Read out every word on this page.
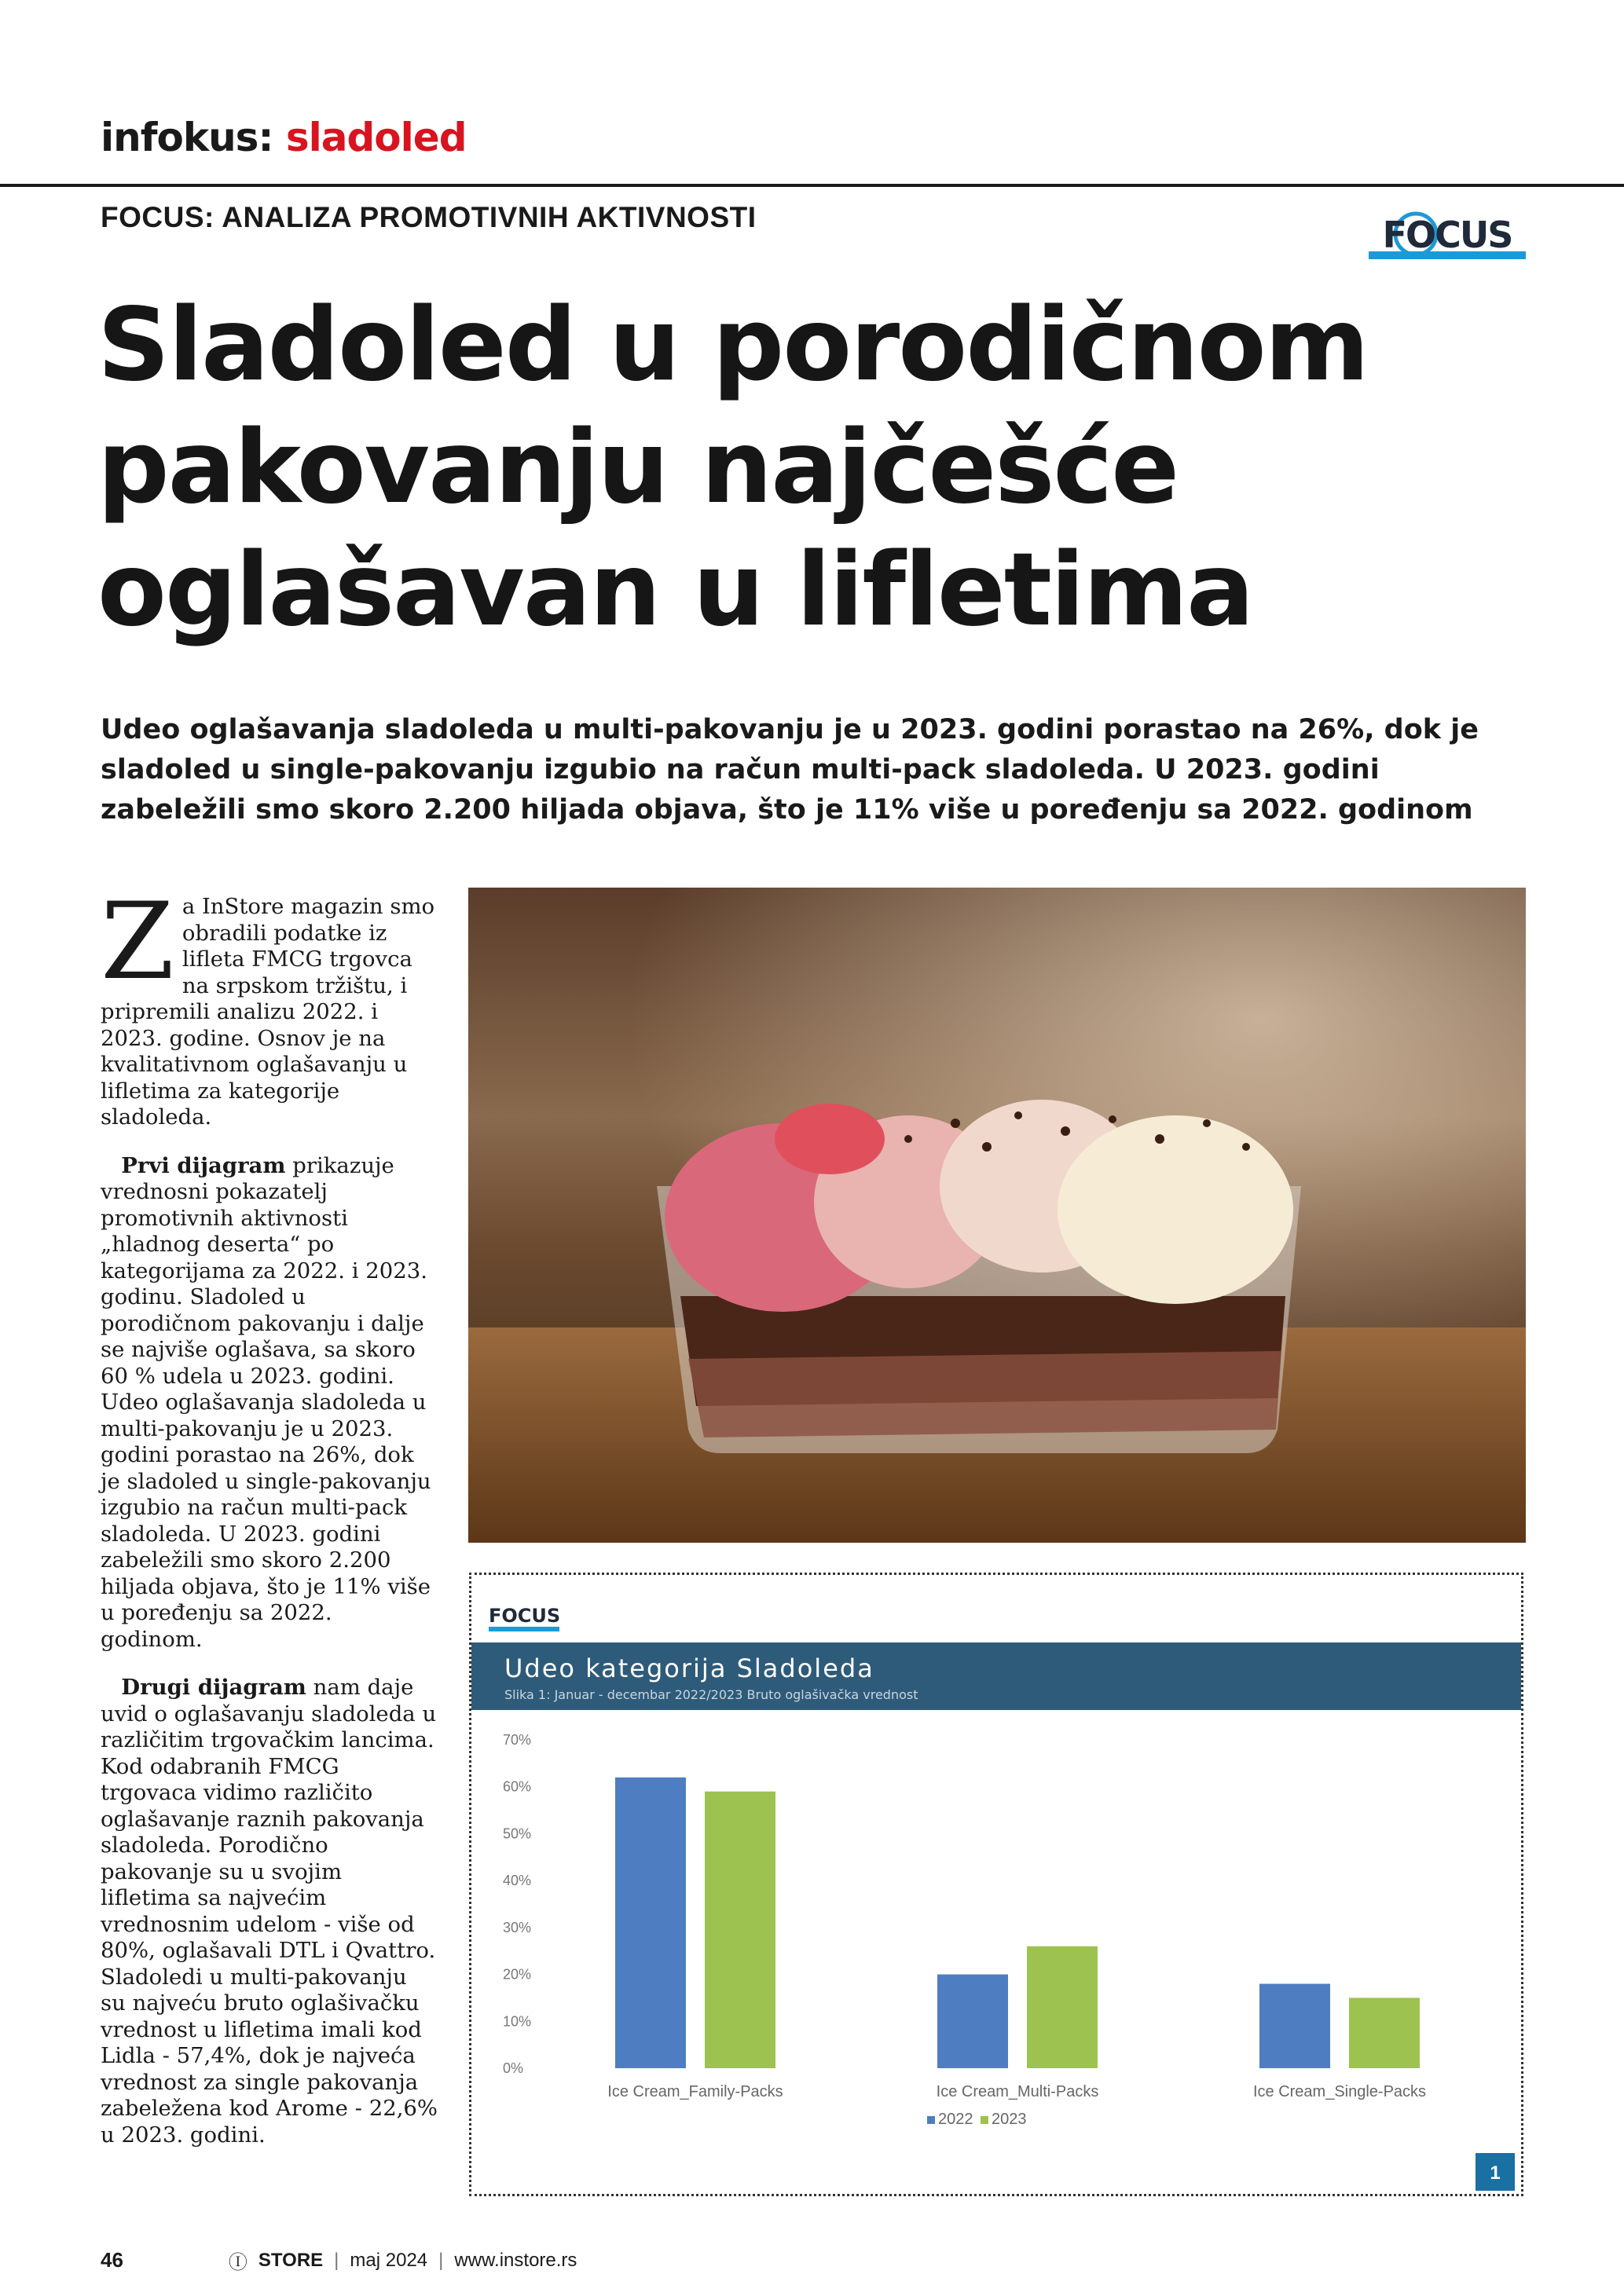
infokus: sladoled
FOCUS: ANALIZA PROMOTIVNIH AKTIVNOSTI	FOCUS
Sladoled u porodičnom
pakovanju najčešće
oglašavan u lifletima
Udeo oglašavanja sladoleda u multi-pakovanju je u 2023. godini porastao na 26%, dok je sladoled u single-pakovanju izgubio na račun multi-pack sladoleda. U 2023. godini zabeležili smo skoro 2.200 hiljada objava, što je 11% više u poređenju sa 2022. godinom

Za InStore magazin smo obradili podatke iz lifleta FMCG trgovca na srpskom tržištu, i pripremili analizu 2022. i 2023. godine. Osnov je na kvalitativnom oglašavanju u lifletima za kategorije sladoleda.

Prvi dijagram prikazuje vrednosni pokazatelj promotivnih aktivnosti „hladnog deserta“ po kategorijama za 2022. i 2023. godinu. Sladoled u porodičnom pakovanju i dalje se najviše oglašava, sa skoro 60 % udela u 2023. godini. Udeo oglašavanja sladoleda u multi-pakovanju je u 2023. godini porastao na 26%, dok je sladoled u single-pakovanju izgubio na račun multi-pack sladoleda. U 2023. godini zabeležili smo skoro 2.200 hiljada objava, što je 11% više u poređenju sa 2022. godinom.

Drugi dijagram nam daje uvid o oglašavanju sladoleda u različitim trgovačkim lancima. Kod odabranih FMCG trgovaca vidimo različito oglašavanje raznih pakovanja sladoleda. Porodično pakovanje su u svojim lifletima sa najvećim vrednosnim udelom - više od 80%, oglašavali DTL i Qvattro. Sladoledi u multi-pakovanju su najveću bruto oglašivačku vrednost u lifletima imali kod Lidla - 57,4%, dok je najveća vrednost za single pakovanja zabeležena kod Arome - 22,6% u 2023. godini.

FOCUS
Udeo kategorija Sladoleda
Slika 1: Januar - decembar 2022/2023 Bruto oglašivačka vrednost
0%
10%
20%
30%
40%
50%
60%
70%
Ice Cream_Family-Packs	Ice Cream_Multi-Packs	Ice Cream_Single-Packs
2022 2023
1
46	Ⓘ STORE | maj 2024 | www.instore.rs
